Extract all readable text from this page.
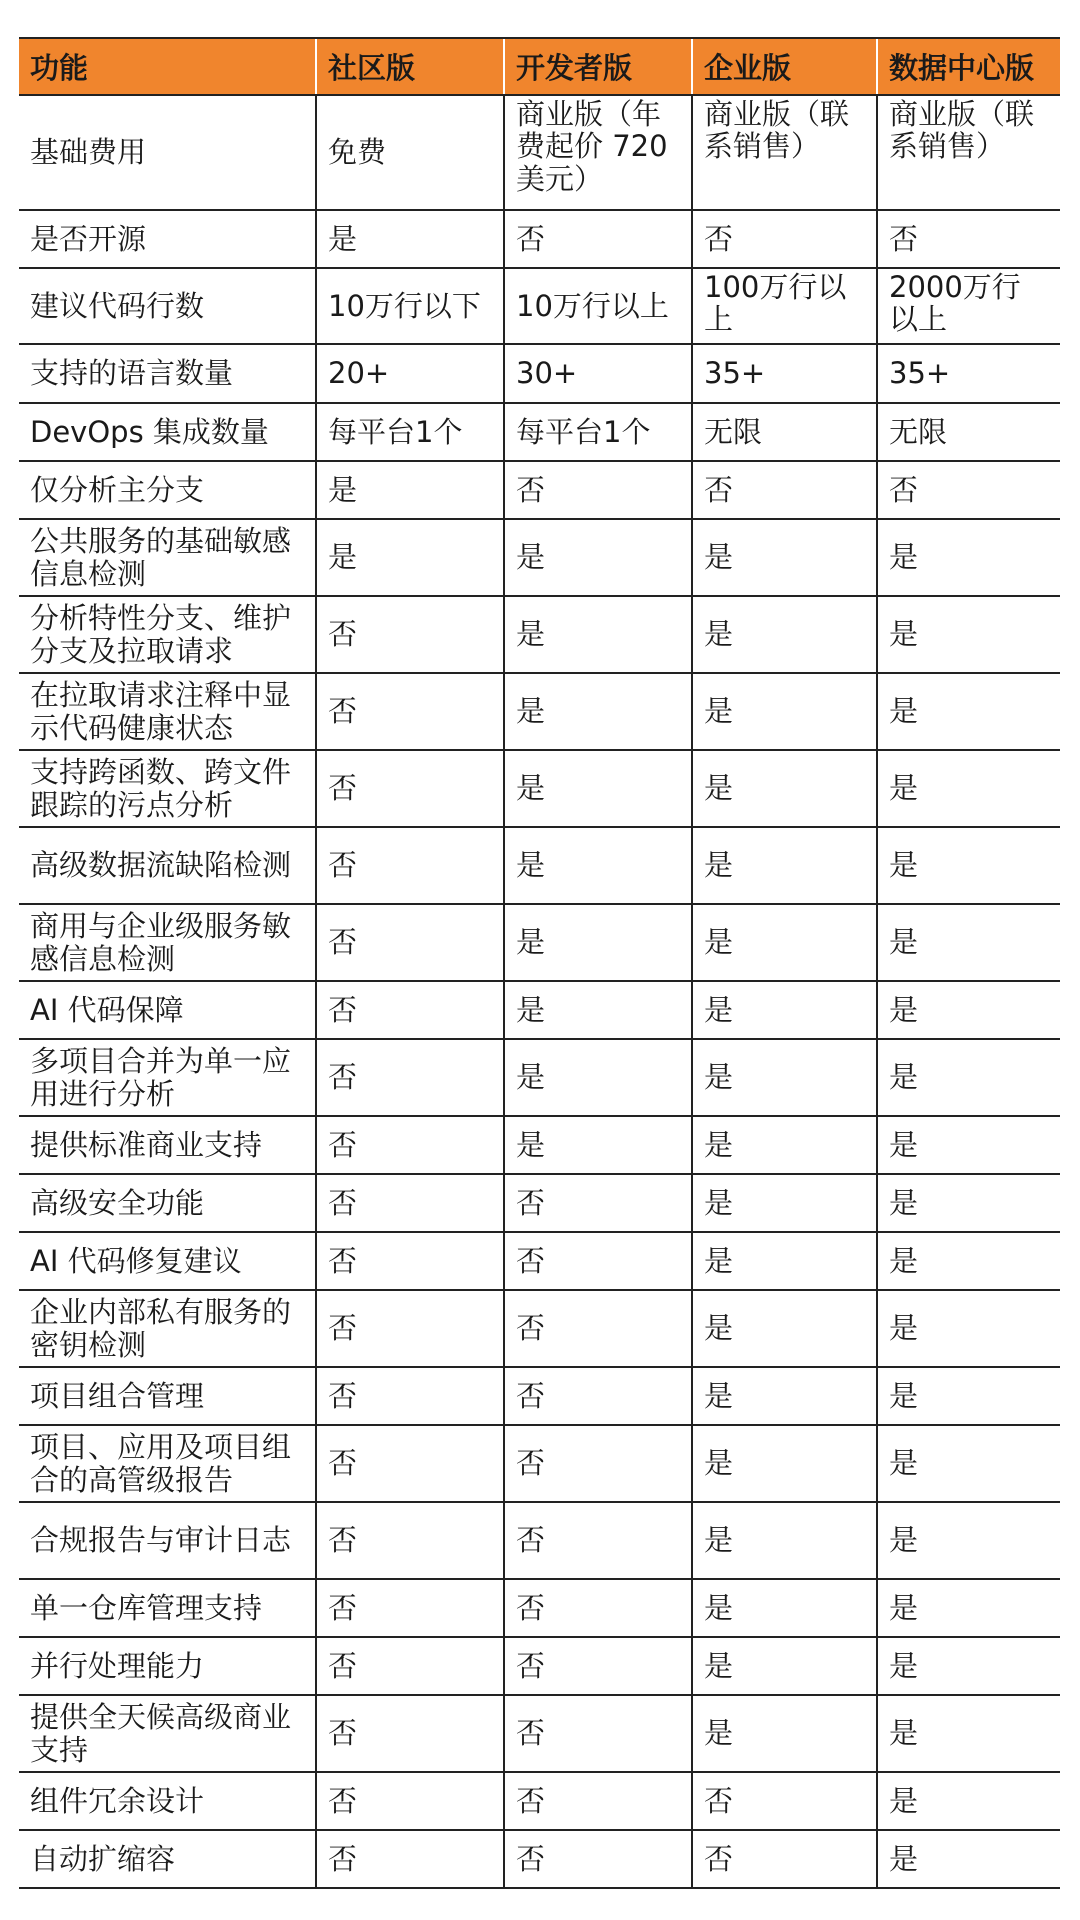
功能	社区版	开发者版	企业版	数据中心版
基础费用	免费	商业版（年费起价 720 美元）	商业版（联系销售）	商业版（联系销售）
是否开源	是	否	否	否
建议代码行数	10万行以下	10万行以上	100万行以上	2000万行以上
支持的语言数量	20+	30+	35+	35+
DevOps 集成数量	每平台1个	每平台1个	无限	无限
仅分析主分支	是	否	否	否
公共服务的基础敏感信息检测	是	是	是	是
分析特性分支、维护分支及拉取请求	否	是	是	是
在拉取请求注释中显示代码健康状态	否	是	是	是
支持跨函数、跨文件跟踪的污点分析	否	是	是	是
高级数据流缺陷检测	否	是	是	是
商用与企业级服务敏感信息检测	否	是	是	是
AI 代码保障	否	是	是	是
多项目合并为单一应用进行分析	否	是	是	是
提供标准商业支持	否	是	是	是
高级安全功能	否	否	是	是
AI 代码修复建议	否	否	是	是
企业内部私有服务的密钥检测	否	否	是	是
项目组合管理	否	否	是	是
项目、应用及项目组合的高管级报告	否	否	是	是
合规报告与审计日志	否	否	是	是
单一仓库管理支持	否	否	是	是
并行处理能力	否	否	是	是
提供全天候高级商业支持	否	否	是	是
组件冗余设计	否	否	否	是
自动扩缩容	否	否	否	是
